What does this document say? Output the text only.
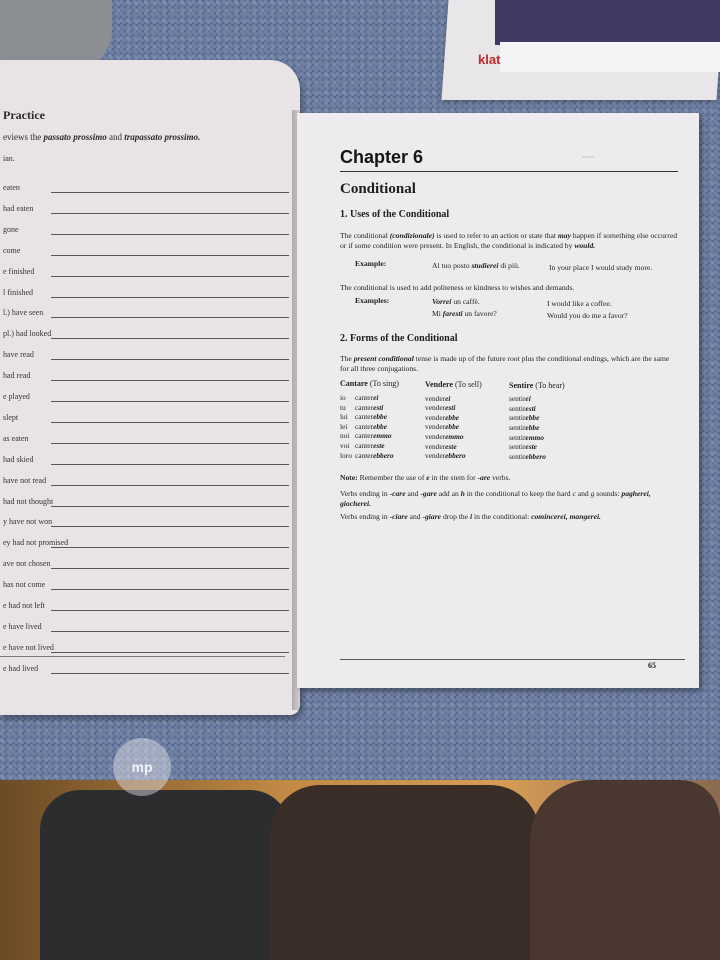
klat
Practice
eviews the passato prossimo and trapassato prossimo.
ian.
eaten
had eaten
gone
come
e finished
l finished
l.) have seen
pl.) had looked
have read
had read
e played
slept
as eaten
had skied
have not read
had not thought
y have not won
ey had not promised
ave not chosen
has not come
e had not left
e have lived
e have not lived
e had lived
▪▪▪▪▪
Chapter 6
Conditional
1. Uses of the Conditional
The conditional (condizionale) is used to refer to an action or state that may happen if something else occurred or if some condition were present. In English, the conditional is indicated by would.
Example:	Al tuo posto studierei di più.	In your place I would study more.
The conditional is used to add politeness or kindness to wishes and demands.
Examples:	Vorrei un caffè.	I would like a coffee.
Mi faresti un favore?	Would you do me a favor?
2. Forms of the Conditional
The present conditional tense is made up of the future root plus the conditional endings, which are the same for all three conjugations.
Cantare (To sing)	Vendere (To sell)	Sentire (To hear)
io canterei	venderei	sentirei
tu canteresti	venderesti	sentiresti
lui canterebbe	venderebbe	sentirebbe
lei canterebbe	venderebbe	sentirebbe
noi canteremmo	venderemmo	sentiremmo
voi cantereste	vendereste	sentireste
loro canterebbero	venderebbero	sentirebbero
Note: Remember the use of e in the stem for -are verbs.
Verbs ending in -care and -gare add an h in the conditional to keep the hard c and g sounds: pagherei, giocherei.
Verbs ending in -ciare and -giare drop the i in the conditional: comincerei, mangerei.
65
mp
